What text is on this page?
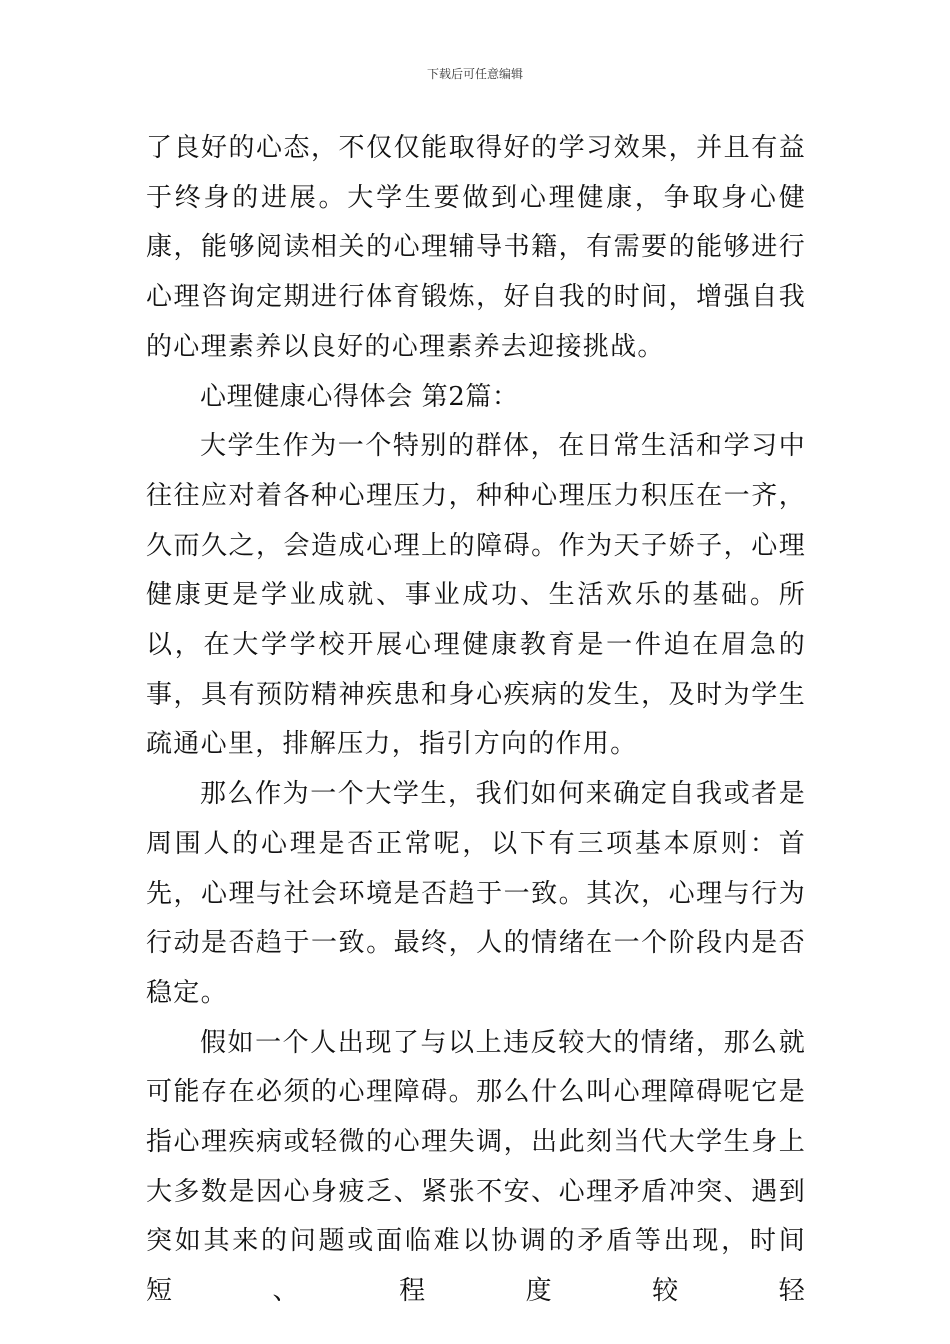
下载后可任意编辑

了良好的心态，不仅仅能取得好的学习效果，并且有益于终身的进展。大学生要做到心理健康，争取身心健康，能够阅读相关的心理辅导书籍，有需要的能够进行心理咨询定期进行体育锻炼，好自我的时间，增强自我的心理素养以良好的心理素养去迎接挑战。

心理健康心得体会 第2篇：

大学生作为一个特别的群体，在日常生活和学习中往往应对着各种心理压力，种种心理压力积压在一齐，久而久之，会造成心理上的障碍。作为天子娇子，心理健康更是学业成就、事业成功、生活欢乐的基础。所以，在大学学校开展心理健康教育是一件迫在眉急的事，具有预防精神疾患和身心疾病的发生，及时为学生疏通心里，排解压力，指引方向的作用。

那么作为一个大学生，我们如何来确定自我或者是周围人的心理是否正常呢，以下有三项基本原则：首先，心理与社会环境是否趋于一致。其次，心理与行为行动是否趋于一致。最终，人的情绪在一个阶段内是否稳定。

假如一个人出现了与以上违反较大的情绪，那么就可能存在必须的心理障碍。那么什么叫心理障碍呢它是指心理疾病或轻微的心理失调，出此刻当代大学生身上大多数是因心身疲乏、紧张不安、心理矛盾冲突、遇到突如其来的问题或面临难以协调的矛盾等出现，时间短、程度较轻
